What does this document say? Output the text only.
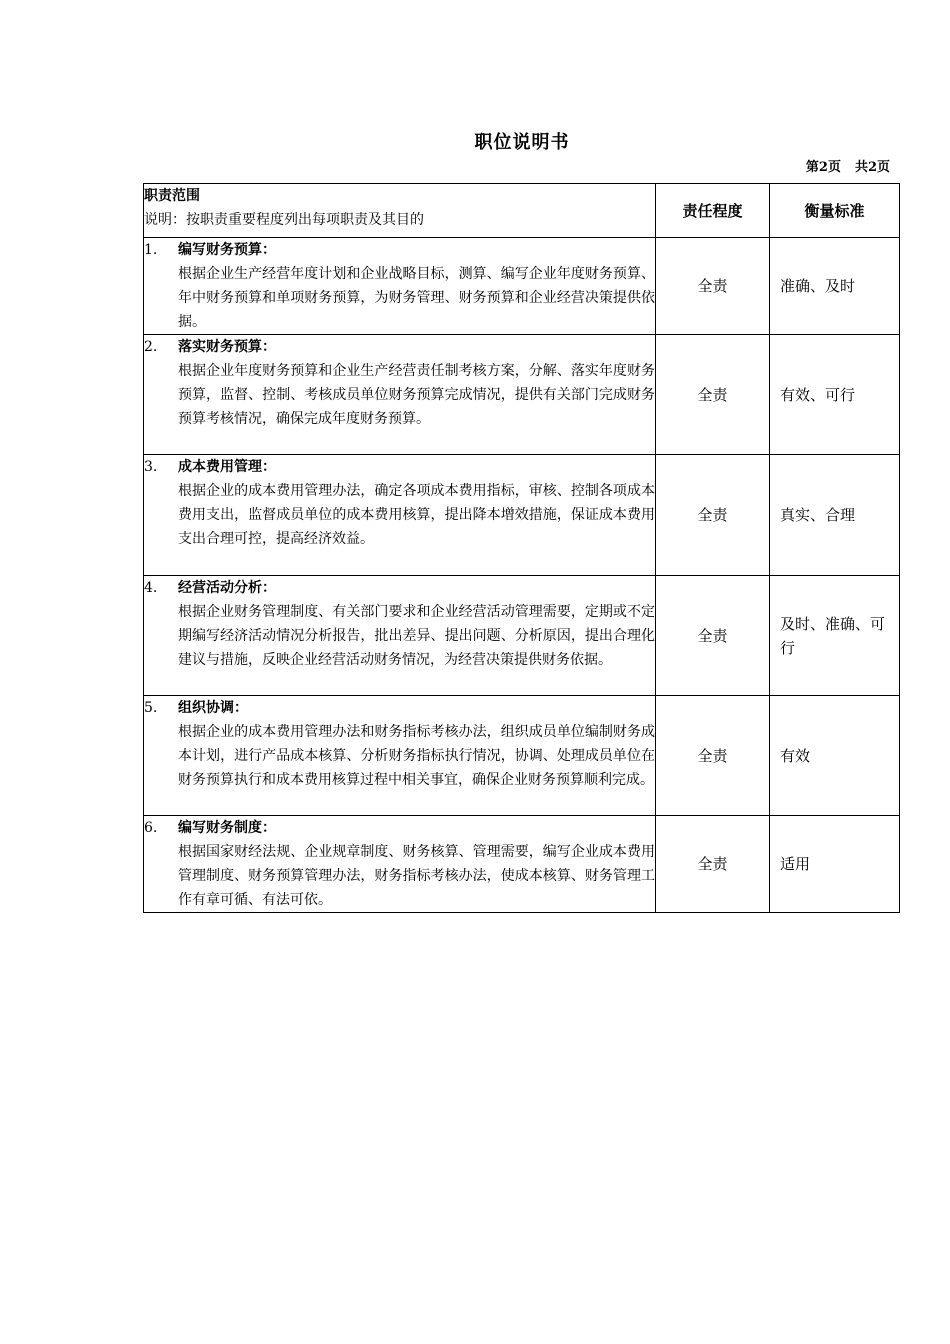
职位说明书
第2页 共2页
职责范围
说明：按职责重要程度列出每项职责及其目的	责任程度	衡量标准

1. 编写财务预算：
根据企业生产经营年度计划和企业战略目标，测算、编写企业年度财务预算、年中财务预算和单项财务预算，为财务管理、财务预算和企业经营决策提供依据。	全责	准确、及时

2. 落实财务预算：
根据企业年度财务预算和企业生产经营责任制考核方案，分解、落实年度财务预算，监督、控制、考核成员单位财务预算完成情况，提供有关部门完成财务预算考核情况，确保完成年度财务预算。	全责	有效、可行

3. 成本费用管理：
根据企业的成本费用管理办法，确定各项成本费用指标，审核、控制各项成本费用支出，监督成员单位的成本费用核算，提出降本增效措施，保证成本费用支出合理可控，提高经济效益。	全责	真实、合理

4. 经营活动分析：
根据企业财务管理制度、有关部门要求和企业经营活动管理需要，定期或不定期编写经济活动情况分析报告，批出差异、提出问题、分析原因，提出合理化建议与措施，反映企业经营活动财务情况，为经营决策提供财务依据。	全责	及时、准确、可行

5. 组织协调：
根据企业的成本费用管理办法和财务指标考核办法，组织成员单位编制财务成本计划，进行产品成本核算、分析财务指标执行情况，协调、处理成员单位在财务预算执行和成本费用核算过程中相关事宜，确保企业财务预算顺利完成。	全责	有效

6. 编写财务制度：
根据国家财经法规、企业规章制度、财务核算、管理需要，编写企业成本费用管理制度、财务预算管理办法，财务指标考核办法，使成本核算、财务管理工作有章可循、有法可依。	全责	适用
